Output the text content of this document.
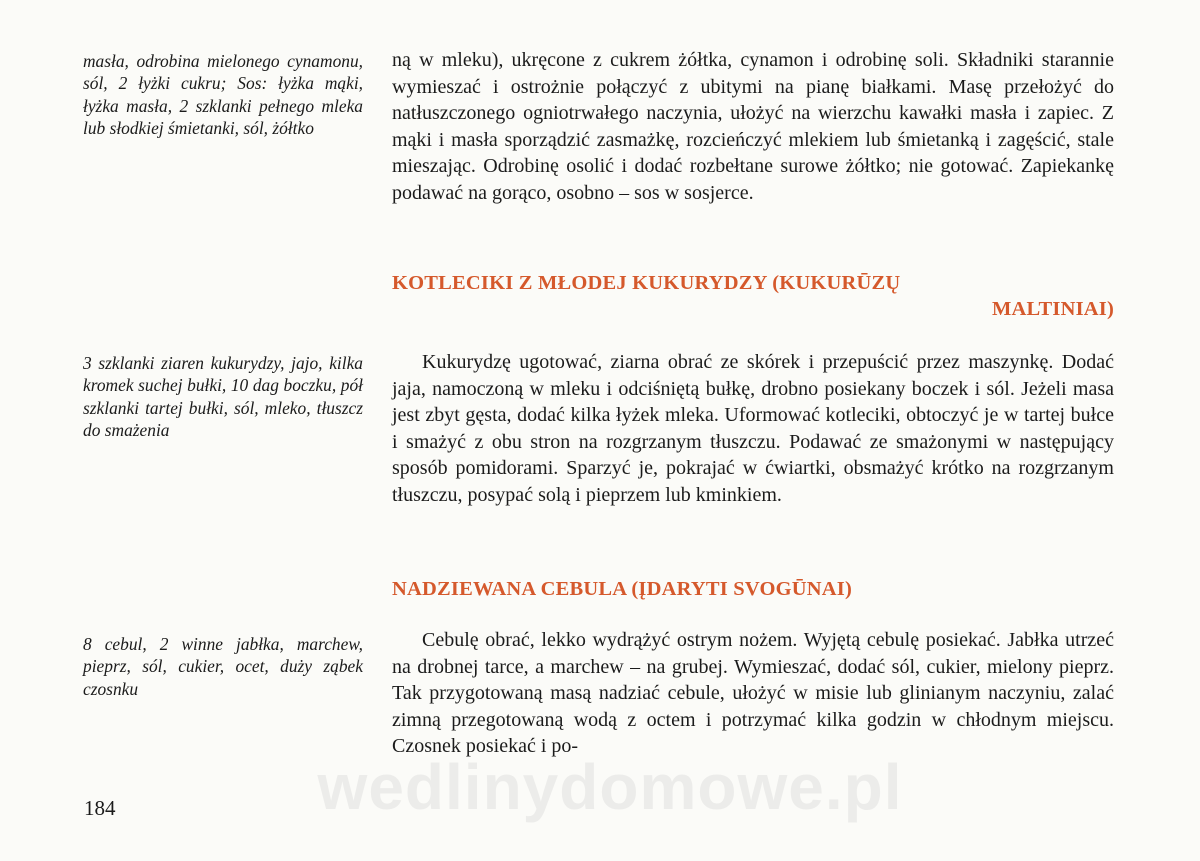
masła, odrobina mielonego cynamonu, sól, 2 łyżki cukru; Sos: łyżka mąki, łyżka masła, 2 szklanki pełnego mleka lub słodkiej śmietanki, sól, żółtko

ną w mleku), ukręcone z cukrem żółtka, cynamon i odrobinę soli. Składniki starannie wymieszać i ostrożnie połączyć z ubitymi na pianę białkami. Masę przełożyć do natłuszczonego ogniotrwałego naczynia, ułożyć na wierzchu kawałki masła i zapiec. Z mąki i masła sporządzić zasmażkę, rozcieńczyć mlekiem lub śmietanką i zagęścić, stale mieszając. Odrobinę osolić i dodać rozbełtane surowe żółtko; nie gotować. Zapiekankę podawać na gorąco, osobno – sos w sosjerce.

KOTLECIKI Z MŁODEJ KUKURYDZY (KUKURŪZŲ
MALTINIAI)
3 szklanki ziaren kukurydzy, jajo, kilka kromek suchej bułki, 10 dag boczku, pół szklanki tartej bułki, sól, mleko, tłuszcz do smażenia

Kukurydzę ugotować, ziarna obrać ze skórek i przepuścić przez maszynkę. Dodać jaja, namoczoną w mleku i odciśniętą bułkę, drobno posiekany boczek i sól. Jeżeli masa jest zbyt gęsta, dodać kilka łyżek mleka. Uformować kotleciki, obtoczyć je w tartej bułce i smażyć z obu stron na rozgrzanym tłuszczu. Podawać ze smażonymi w następujący sposób pomidorami. Sparzyć je, pokrajać w ćwiartki, obsmażyć krótko na rozgrzanym tłuszczu, posypać solą i pieprzem lub kminkiem.

NADZIEWANA CEBULA (ĮDARYTI SVOGŪNAI)
8 cebul, 2 winne jabłka, marchew, pieprz, sól, cukier, ocet, duży ząbek czosnku

Cebulę obrać, lekko wydrążyć ostrym nożem. Wyjętą cebulę posiekać. Jabłka utrzeć na drobnej tarce, a marchew – na grubej. Wymieszać, dodać sól, cukier, mielony pieprz. Tak przygotowaną masą nadziać cebule, ułożyć w misie lub glinianym naczyniu, zalać zimną przegotowaną wodą z octem i potrzymać kilka godzin w chłodnym miejscu. Czosnek posiekać i po-

wedlinydomowe.pl
184
